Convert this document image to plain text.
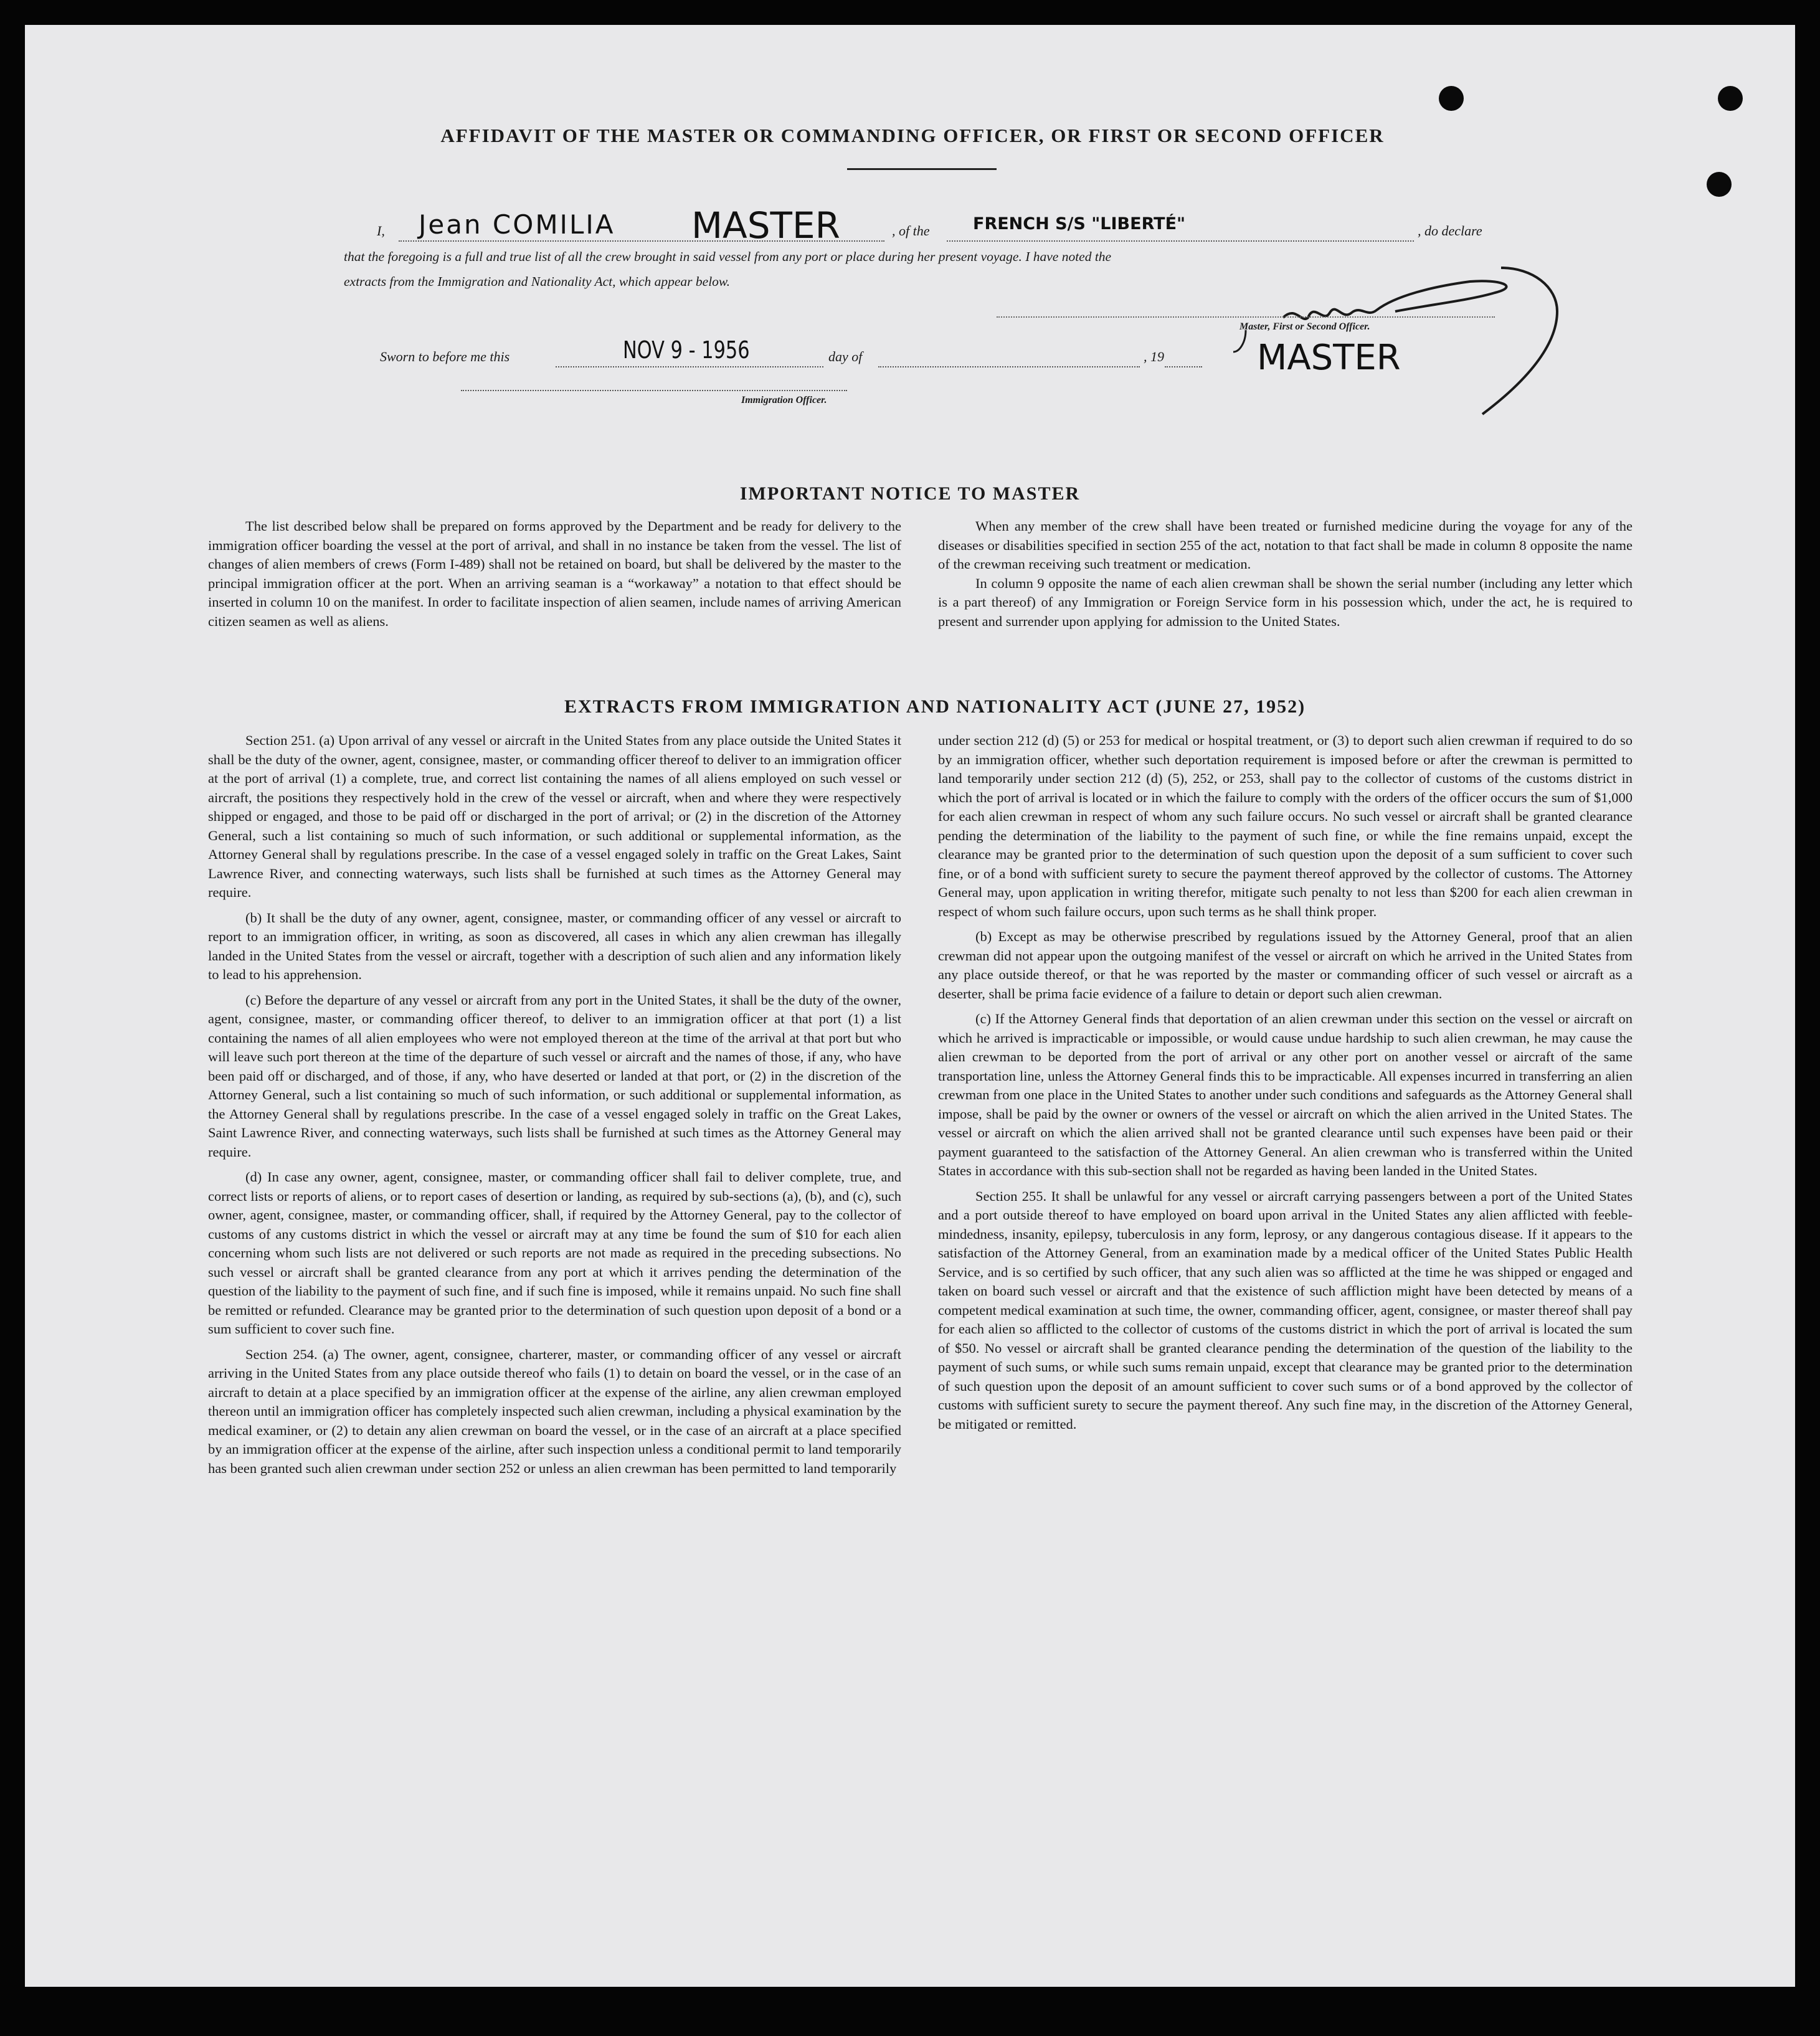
AFFIDAVIT OF THE MASTER OR COMMANDING OFFICER, OR FIRST OR SECOND OFFICER
I, Jean COMILIA MASTER	, of the	FRENCH S/S "LIBERTÉ"	, do declare
that the foregoing is a full and true list of all the crew brought in said vessel from any port or place during her present voyage. I have noted the
extracts from the Immigration and Nationality Act, which appear below.
Master, First or Second Officer.
MASTER
Sworn to before me this	NOV 9 - 1956	day of	, 19
Immigration Officer.
IMPORTANT NOTICE TO MASTER

The list described below shall be prepared on forms approved by the Department and be ready for delivery to the immigration officer boarding the vessel at the port of arrival, and shall in no instance be taken from the vessel. The list of changes of alien members of crews (Form I-489) shall not be retained on board, but shall be delivered by the master to the principal immigration officer at the port. When an arriving seaman is a “workaway” a notation to that effect should be inserted in column 10 on the manifest. In order to facilitate inspection of alien seamen, include names of arriving American citizen seamen as well as aliens.

When any member of the crew shall have been treated or furnished medicine during the voyage for any of the diseases or disabilities specified in section 255 of the act, notation to that fact shall be made in column 8 opposite the name of the crewman receiving such treatment or medication.

In column 9 opposite the name of each alien crewman shall be shown the serial number (including any letter which is a part thereof) of any Immigration or Foreign Service form in his possession which, under the act, he is required to present and surrender upon applying for admission to the United States.

EXTRACTS FROM IMMIGRATION AND NATIONALITY ACT (JUNE 27, 1952)

Section 251. (a) Upon arrival of any vessel or aircraft in the United States from any place outside the United States it shall be the duty of the owner, agent, consignee, master, or commanding officer thereof to deliver to an immigration officer at the port of arrival (1) a complete, true, and correct list containing the names of all aliens employed on such vessel or aircraft, the positions they respectively hold in the crew of the vessel or aircraft, when and where they were respectively shipped or engaged, and those to be paid off or discharged in the port of arrival; or (2) in the discretion of the Attorney General, such a list containing so much of such information, or such additional or supplemental information, as the Attorney General shall by regulations prescribe. In the case of a vessel engaged solely in traffic on the Great Lakes, Saint Lawrence River, and connecting waterways, such lists shall be furnished at such times as the Attorney General may require.

(b) It shall be the duty of any owner, agent, consignee, master, or commanding officer of any vessel or aircraft to report to an immigration officer, in writing, as soon as discovered, all cases in which any alien crewman has illegally landed in the United States from the vessel or aircraft, together with a description of such alien and any information likely to lead to his apprehension.

(c) Before the departure of any vessel or aircraft from any port in the United States, it shall be the duty of the owner, agent, consignee, master, or commanding officer thereof, to deliver to an immigration officer at that port (1) a list containing the names of all alien employees who were not employed thereon at the time of the arrival at that port but who will leave such port thereon at the time of the departure of such vessel or aircraft and the names of those, if any, who have been paid off or discharged, and of those, if any, who have deserted or landed at that port, or (2) in the discretion of the Attorney General, such a list containing so much of such information, or such additional or supplemental information, as the Attorney General shall by regulations prescribe. In the case of a vessel engaged solely in traffic on the Great Lakes, Saint Lawrence River, and connecting waterways, such lists shall be furnished at such times as the Attorney General may require.

(d) In case any owner, agent, consignee, master, or commanding officer shall fail to deliver complete, true, and correct lists or reports of aliens, or to report cases of desertion or landing, as required by sub-sections (a), (b), and (c), such owner, agent, consignee, master, or commanding officer, shall, if required by the Attorney General, pay to the collector of customs of any customs district in which the vessel or aircraft may at any time be found the sum of $10 for each alien concerning whom such lists are not delivered or such reports are not made as required in the preceding subsections. No such vessel or aircraft shall be granted clearance from any port at which it arrives pending the determination of the question of the liability to the payment of such fine, and if such fine is imposed, while it remains unpaid. No such fine shall be remitted or refunded. Clearance may be granted prior to the determination of such question upon deposit of a bond or a sum sufficient to cover such fine.

Section 254. (a) The owner, agent, consignee, charterer, master, or commanding officer of any vessel or aircraft arriving in the United States from any place outside thereof who fails (1) to detain on board the vessel, or in the case of an aircraft to detain at a place specified by an immigration officer at the expense of the airline, any alien crewman employed thereon until an immigration officer has completely inspected such alien crewman, including a physical examination by the medical examiner, or (2) to detain any alien crewman on board the vessel, or in the case of an aircraft at a place specified by an immigration officer at the expense of the airline, after such inspection unless a conditional permit to land temporarily has been granted such alien crewman under section 252 or unless an alien crewman has been permitted to land temporarily

under section 212 (d) (5) or 253 for medical or hospital treatment, or (3) to deport such alien crewman if required to do so by an immigration officer, whether such deportation requirement is imposed before or after the crewman is permitted to land temporarily under section 212 (d) (5), 252, or 253, shall pay to the collector of customs of the customs district in which the port of arrival is located or in which the failure to comply with the orders of the officer occurs the sum of $1,000 for each alien crewman in respect of whom any such failure occurs. No such vessel or aircraft shall be granted clearance pending the determination of the liability to the payment of such fine, or while the fine remains unpaid, except the clearance may be granted prior to the determination of such question upon the deposit of a sum sufficient to cover such fine, or of a bond with sufficient surety to secure the payment thereof approved by the collector of customs. The Attorney General may, upon application in writing therefor, mitigate such penalty to not less than $200 for each alien crewman in respect of whom such failure occurs, upon such terms as he shall think proper.

(b) Except as may be otherwise prescribed by regulations issued by the Attorney General, proof that an alien crewman did not appear upon the outgoing manifest of the vessel or aircraft on which he arrived in the United States from any place outside thereof, or that he was reported by the master or commanding officer of such vessel or aircraft as a deserter, shall be prima facie evidence of a failure to detain or deport such alien crewman.

(c) If the Attorney General finds that deportation of an alien crewman under this section on the vessel or aircraft on which he arrived is impracticable or impossible, or would cause undue hardship to such alien crewman, he may cause the alien crewman to be deported from the port of arrival or any other port on another vessel or aircraft of the same transportation line, unless the Attorney General finds this to be impracticable. All expenses incurred in transferring an alien crewman from one place in the United States to another under such conditions and safeguards as the Attorney General shall impose, shall be paid by the owner or owners of the vessel or aircraft on which the alien arrived in the United States. The vessel or aircraft on which the alien arrived shall not be granted clearance until such expenses have been paid or their payment guaranteed to the satisfaction of the Attorney General. An alien crewman who is transferred within the United States in accordance with this sub-section shall not be regarded as having been landed in the United States.

Section 255. It shall be unlawful for any vessel or aircraft carrying passengers between a port of the United States and a port outside thereof to have employed on board upon arrival in the United States any alien afflicted with feeble-mindedness, insanity, epilepsy, tuberculosis in any form, leprosy, or any dangerous contagious disease. If it appears to the satisfaction of the Attorney General, from an examination made by a medical officer of the United States Public Health Service, and is so certified by such officer, that any such alien was so afflicted at the time he was shipped or engaged and taken on board such vessel or aircraft and that the existence of such affliction might have been detected by means of a competent medical examination at such time, the owner, commanding officer, agent, consignee, or master thereof shall pay for each alien so afflicted to the collector of customs of the customs district in which the port of arrival is located the sum of $50. No vessel or aircraft shall be granted clearance pending the determination of the question of the liability to the payment of such sums, or while such sums remain unpaid, except that clearance may be granted prior to the determination of such question upon the deposit of an amount sufficient to cover such sums or of a bond approved by the collector of customs with sufficient surety to secure the payment thereof. Any such fine may, in the discretion of the Attorney General, be mitigated or remitted.
